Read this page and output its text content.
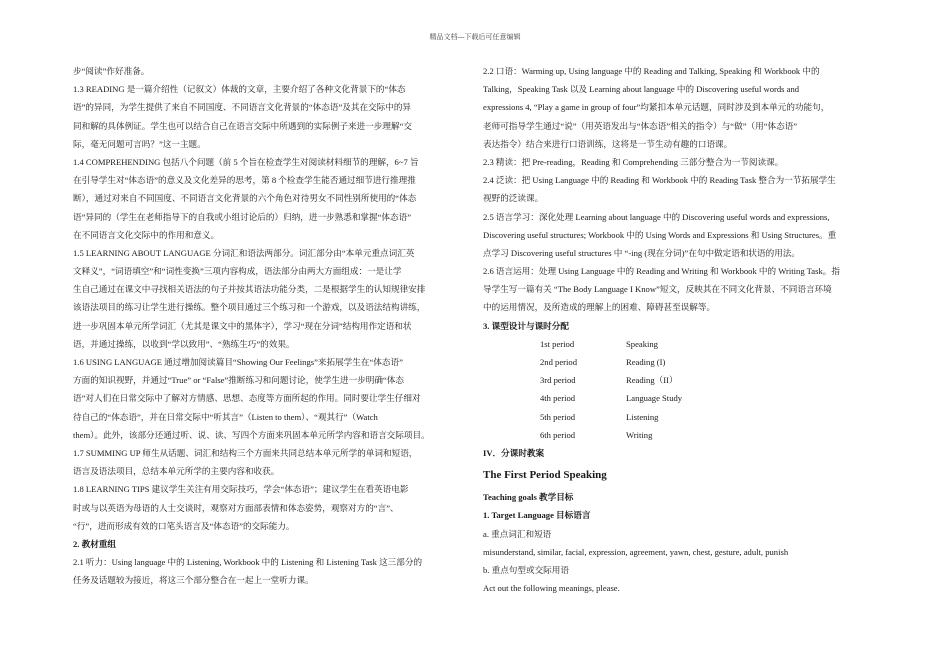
精品文档---下载后可任意编辑
步“阅读”作好准备。
1.3 READING 是一篇介绍性（记叙文）体裁的文章，主要介绍了各种文化背景下的“体态
语”的异同，为学生提供了来自不同国度、不同语言文化背景的“体态语”及其在交际中的异
同和解的具体例证。学生也可以结合自己在语言交际中所遇到的实际例子来进一步理解“交
际，毫无问题可言吗？”这一主题。
1.4 COMPREHENDING 包括八个问题（前 5 个旨在检查学生对阅读材料细节的理解，6~7 旨
在引导学生对“体态语”的意义及文化差异的思考，第 8 个检查学生能否通过细节进行推理推
断），通过对来自不同国度、不同语言文化背景的六个角色对待男女不同性别所使用的“体态
语”异同的（学生在老师指导下的自我或小组讨论后的）归纳，进一步熟悉和掌握“体态语”
在不同语言文化交际中的作用和意义。
1.5 LEARNING ABOUT LANGUAGE 分词汇和语法两部分。词汇部分由“本单元重点词汇英
文释义”，“词语填空”和“词性变换”三项内容构成，语法部分由两大方面组成：一是让学
生自己通过在课文中寻找相关语法的句子并按其语法功能分类，二是根据学生的认知规律安排
该语法项目的练习让学生进行操练。整个项目通过三个练习和一个游戏，以及语法结构讲练，
进一步巩固本单元所学词汇（尤其是课文中的黑体字），学习“现在分词”结构用作定语和状
语，并通过操练，以收到“学以致用”、“熟练生巧”的效果。
1.6 USING LANGUAGE 通过增加阅读篇目“Showing Our Feelings”来拓展学生在“体态语”
方面的知识视野，并通过“True” or “False”推断练习和问题讨论，使学生进一步明确“体态
语”对人们在日常交际中了解对方情感、思想、态度等方面所起的作用。同时要让学生仔细对
待自己的“体态语”，并在日常交际中“听其言”（Listen to them）、“观其行”（Watch
them）。此外，该部分还通过听、说、读、写四个方面来巩固本单元所学内容和语言交际项目。
1.7 SUMMING UP 师生从话题、词汇和结构三个方面来共同总结本单元所学的单词和短语，
语言及语法项目，总结本单元所学的主要内容和收获。
1.8 LEARNING TIPS 建议学生关注有用交际技巧，学会“体态语”；建议学生在看英语电影
时或与以英语为母语的人士交谈时，观察对方面部表情和体态姿势，观察对方的“言”、
“行”，进而形成有效的口笔头语言及“体态语”的交际能力。
2. 教材重组
2.1 听力：Using language 中的 Listening, Workbook 中的 Listening 和 Listening Task 这三部分的
任务及话题较为接近，将这三个部分整合在一起上一堂听力课。
2.2 口语：Warming up, Using language 中的 Reading and Talking, Speaking 和 Workbook 中的
Talking，Speaking Task 以及 Learning about language 中的 Discovering useful words and
expressions 4, “Play a game in group of four”均紧扣本单元话题，同时涉及到本单元的功能句，
老师可指导学生通过“说”（用英语发出与“体态语”相关的指令）与“做”（用“体态语”
表达指令）结合来进行口语训练，这将是一节生动有趣的口语课。
2.3 精读：把 Pre-reading，Reading 和 Comprehending 三部分整合为一节阅读课。
2.4 泛读：把 Using Language 中的 Reading 和 Workbook 中的 Reading Task 整合为一节拓展学生
视野的泛读课。
2.5 语言学习：深化处理 Learning about language 中的 Discovering useful words and expressions,
Discovering useful structures; Workbook 中的 Using Words and Expressions 和 Using Structures。重
点学习 Discovering useful structures 中 “-ing (现在分词)”在句中做定语和状语的用法。
2.6 语言运用：处理 Using Language 中的 Reading and Writing 和 Workbook 中的 Writing Task。指
导学生写一篇有关 “The Body Language I Know”短文，反映其在不同文化背景、不同语言环境
中的运用情况，及所造成的理解上的困难、障碍甚至误解等。
3. 课型设计与课时分配
1st period	Speaking
2nd period	Reading (I)
3rd period	Reading（II）
4th period	Language Study
5th period	Listening
6th period	Writing
IV．分课时教案
The First Period Speaking
Teaching goals 教学目标
1. Target Language 目标语言
a. 重点词汇和短语
misunderstand, similar, facial, expression, agreement, yawn, chest, gesture, adult, punish
b. 重点句型或交际用语
Act out the following meanings, please.
